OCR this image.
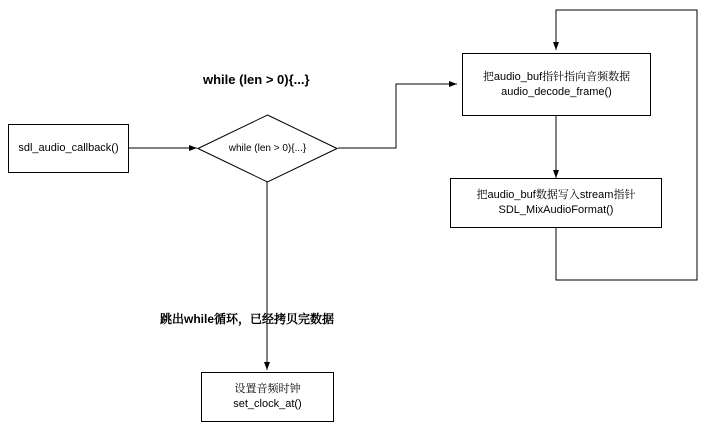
sdl_audio_callback()	while (len > 0){...}
把audio_buf指针指向音频数据
audio_decode_frame()
把audio_buf数据写入stream指针
SDL_MixAudioFormat()
设置音频时钟
set_clock_at()
while (len > 0){...}
跳出while循环，已经拷贝完数据
